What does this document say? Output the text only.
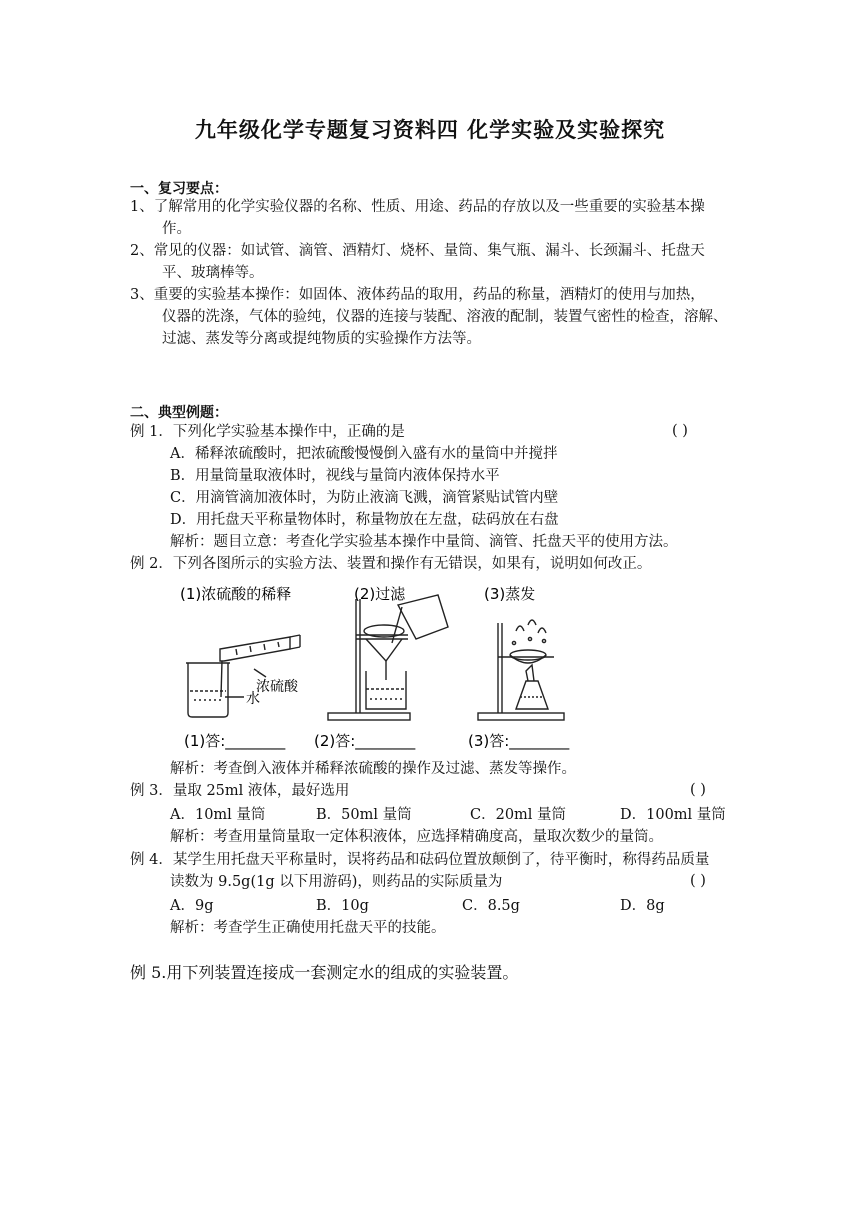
九年级化学专题复习资料四 化学实验及实验探究
一、复习要点：
1、了解常用的化学实验仪器的名称、性质、用途、药品的存放以及一些重要的实验基本操
作。
2、常见的仪器：如试管、滴管、酒精灯、烧杯、量筒、集气瓶、漏斗、长颈漏斗、托盘天
平、玻璃棒等。
3、重要的实验基本操作：如固体、液体药品的取用，药品的称量，酒精灯的使用与加热，
仪器的洗涤，气体的验纯，仪器的连接与装配、溶液的配制，装置气密性的检查，溶解、
过滤、蒸发等分离或提纯物质的实验操作方法等。
二、典型例题：
例 1．下列化学实验基本操作中，正确的是	( )
A．稀释浓硫酸时，把浓硫酸慢慢倒入盛有水的量筒中并搅拌
B．用量筒量取液体时，视线与量筒内液体保持水平
C．用滴管滴加液体时，为防止液滴飞溅，滴管紧贴试管内壁
D．用托盘天平称量物体时，称量物放在左盘，砝码放在右盘
解析：题目立意：考查化学实验基本操作中量筒、滴管、托盘天平的使用方法。
例 2．下列各图所示的实验方法、装置和操作有无错误，如果有，说明如何改正。
(1)浓硫酸的稀释	(2)过滤	(3)蒸发
浓硫酸
水
(1)答:________ (2)答:________	(3)答:________
解析：考查倒入液体并稀释浓硫酸的操作及过滤、蒸发等操作。
例 3．量取 25ml 液体，最好选用	( )
A．10ml 量筒	B．50ml 量筒	C．20ml 量筒	D．100ml 量筒
解析：考查用量筒量取一定体积液体，应选择精确度高，量取次数少的量筒。
例 4．某学生用托盘天平称量时，误将药品和砝码位置放颠倒了，待平衡时，称得药品质量
读数为 9.5g(1g 以下用游码)，则药品的实际质量为	( )
A．9g	B．10g	C．8.5g	D．8g
解析：考查学生正确使用托盘天平的技能。
例 5.用下列装置连接成一套测定水的组成的实验装置。
